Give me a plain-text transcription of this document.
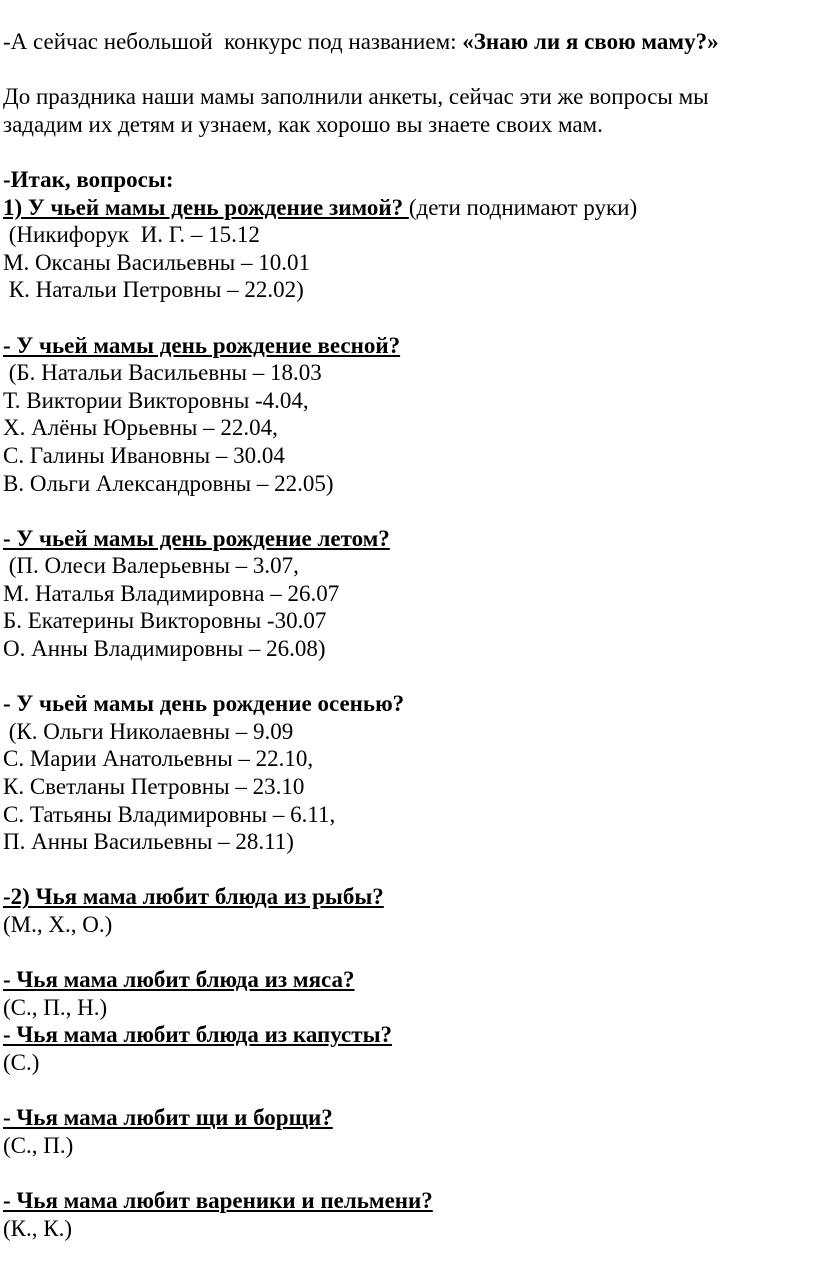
-А сейчас небольшой  конкурс под названием: «Знаю ли я свою маму?»
До праздника наши мамы заполнили анкеты, сейчас эти же вопросы мы
зададим их детям и узнаем, как хорошо вы знаете своих мам.
-Итак, вопросы:
1) У чьей мамы день рождение зимой? (дети поднимают руки)
(Никифорук  И. Г. – 15.12
М. Оксаны Васильевны – 10.01
К. Натальи Петровны – 22.02)
- У чьей мамы день рождение весной?
(Б. Натальи Васильевны – 18.03
Т. Виктории Викторовны -4.04,
Х. Алёны Юрьевны – 22.04,
С. Галины Ивановны – 30.04
В. Ольги Александровны – 22.05)
- У чьей мамы день рождение летом?
(П. Олеси Валерьевны – 3.07,
М. Наталья Владимировна – 26.07
Б. Екатерины Викторовны -30.07
О. Анны Владимировны – 26.08)
- У чьей мамы день рождение осенью?
(К. Ольги Николаевны – 9.09
С. Марии Анатольевны – 22.10,
К. Светланы Петровны – 23.10
С. Татьяны Владимировны – 6.11,
П. Анны Васильевны – 28.11)
-2) Чья мама любит блюда из рыбы?
(М., Х., О.)
- Чья мама любит блюда из мяса?
(С., П., Н.)
- Чья мама любит блюда из капусты?
(С.)
- Чья мама любит щи и борщи?
(С., П.)
- Чья мама любит вареники и пельмени?
(К., К.)
